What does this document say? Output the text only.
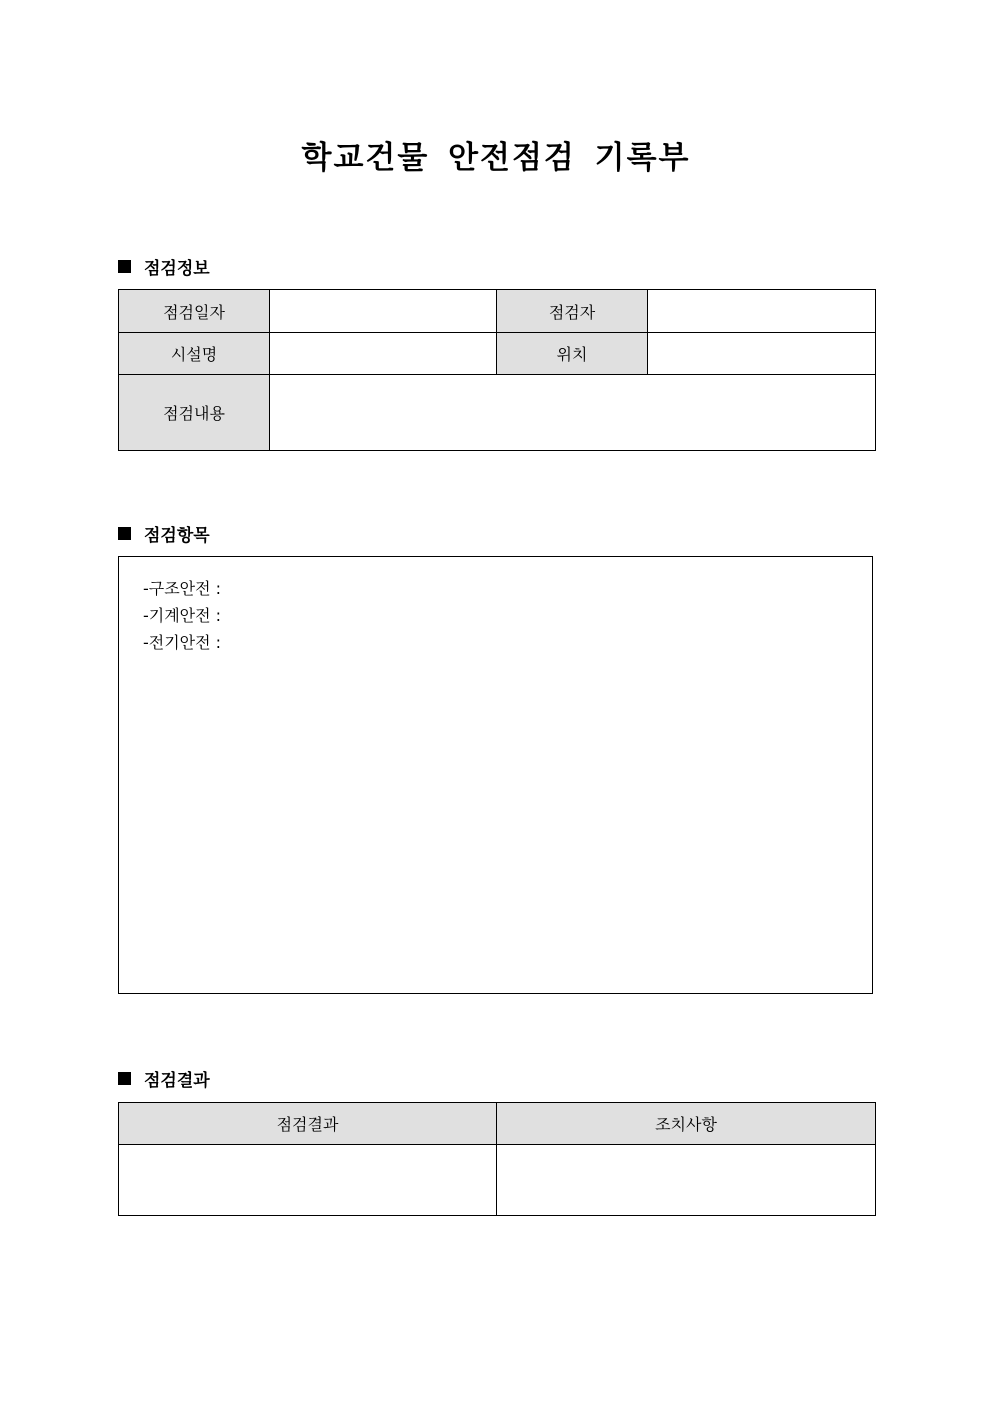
학교건물 안전점검 기록부
점검정보
점검일자		점검자	
시설명		위치	
점검내용			
점검항목
-구조안전 :
-기계안전 :
-전기안전 :
점검결과
점검결과	조치사항
